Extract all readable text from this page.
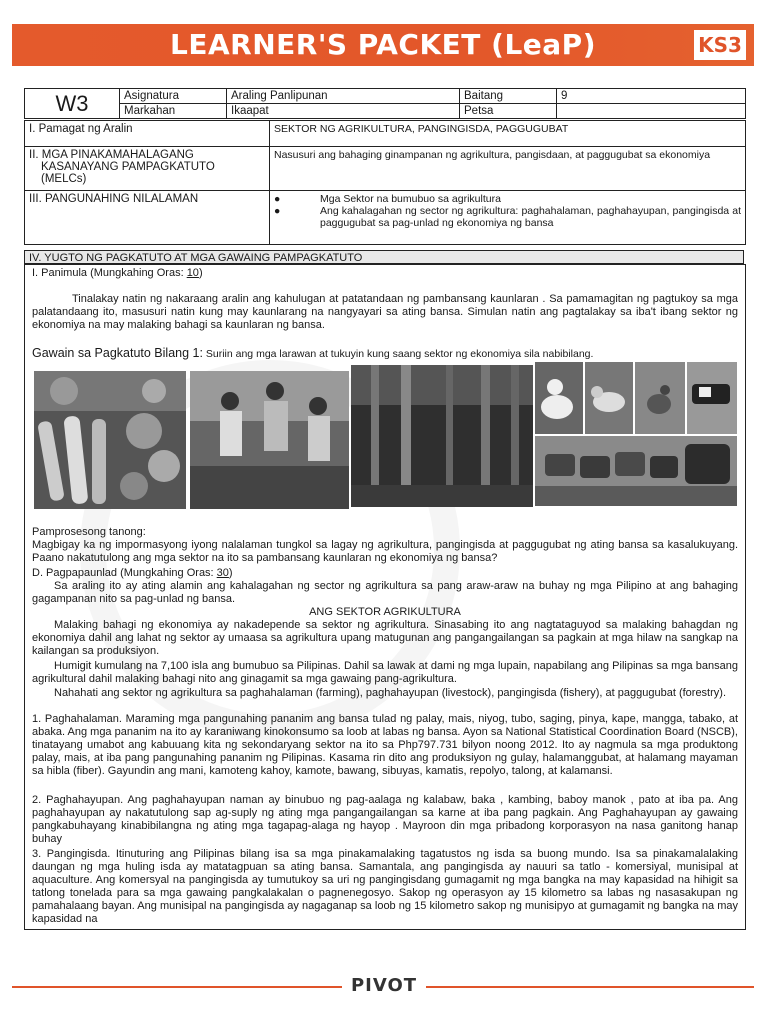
LEARNER'S PACKET (LeaP)	KS3
W3	Asignatura	Araling Panlipunan	Baitang	9
	Markahan	Ikaapat	Petsa	
I. Pamagat ng Aralin	SEKTOR NG AGRIKULTURA, PANGINGISDA, PAGGUGUBAT

II. MGA PINAKAMAHALAGANG
KASANAYANG PAMPAGKATUTO
(MELCs)	Nasusuri ang bahaging ginampanan ng agrikultura, pangisdaan, at paggugubat sa ekonomiya
III. PANGUNAHING NILALAMAN	● Mga Sektor na bumubuo sa agrikultura
● Ang kahalagahan ng sector ng agrikultura: paghahalaman, paghahayupan, pangingisda at paggugubat sa pag-unlad ng ekonomiya ng bansa
IV. YUGTO NG PAGKATUTO AT MGA GAWAING PAMPAGKATUTO
I. Panimula (Mungkahing Oras: 10)
Tinalakay natin ng nakaraang aralin ang kahulugan at patatandaan ng pambansang kaunlaran . Sa pamamagitan ng pagtukoy sa mga palatandaang ito, masusuri natin kung may kaunlarang na nangyayari sa ating bansa. Simulan natin ang pagtalakay sa iba't ibang sektor ng ekonomiya na may malaking bahagi sa kaunlaran ng bansa.
Gawain sa Pagkatuto Bilang 1: Suriin ang mga larawan at tukuyin kung saang sektor ng ekonomiya sila nabibilang.
Pamprosesong tanong:
Magbigay ka ng impormasyong iyong nalalaman tungkol sa lagay ng agrikultura, pangingisda at paggugubat ng ating bansa sa kasalukuyang. Paano nakatutulong ang mga sektor na ito sa pambansang kaunlaran ng ekonomiya ng bansa?
D. Pagpapaunlad (Mungkahing Oras: 30)
Sa araling ito ay ating alamin ang kahalagahan ng sector ng agrikultura sa pang araw-araw na buhay ng mga Pilipino at ang bahaging gagampanan nito sa pag-unlad ng bansa.
ANG SEKTOR AGRIKULTURA
Malaking bahagi ng ekonomiya ay nakadepende sa sektor ng agrikultura. Sinasabing ito ang nagtataguyod sa malaking bahagdan ng ekonomiya dahil ang lahat ng sektor ay umaasa sa agrikultura upang matugunan ang pangangailangan sa pagkain at mga hilaw na sangkap na kailangan sa produksiyon.
Humigit kumulang na 7,100 isla ang bumubuo sa Pilipinas. Dahil sa lawak at dami ng mga lupain, napabilang ang Pilipinas sa mga bansang agrikultural dahil malaking bahagi nito ang ginagamit sa mga gawaing pang-agrikultura.
Nahahati ang sektor ng agrikultura sa paghahalaman (farming), paghahayupan (livestock), pangingisda (fishery), at paggugubat (forestry).
1. Paghahalaman. Maraming mga pangunahing pananim ang bansa tulad ng palay, mais, niyog, tubo, saging, pinya, kape, mangga, tabako, at abaka. Ang mga pananim na ito ay karaniwang kinokonsumo sa loob at labas ng bansa. Ayon sa National Statistical Coordination Board (NSCB), tinatayang umabot ang kabuuang kita ng sekondaryang sektor na ito sa Php797.731 bilyon noong 2012. Ito ay nagmula sa mga produktong palay, mais, at iba pang pangunahing pananim ng Pilipinas. Kasama rin dito ang produksiyon ng gulay, halamanggubat, at halamang mayaman sa hibla (fiber). Gayundin ang mani, kamoteng kahoy, kamote, bawang, sibuyas, kamatis, repolyo, talong, at kalamansi.
2. Paghahayupan. Ang paghahayupan naman ay binubuo ng pag-aalaga ng kalabaw, baka , kambing, baboy manok , pato at iba pa. Ang paghahayupan ay nakatutulong sap ag-suply ng ating mga pangangailangan sa karne at iba pang pagkain. Ang Paghahayupan ay gawaing pangkabuhayang kinabibilangna ng ating mga tagapag-alaga ng hayop . Mayroon din mga pribadong korporasyon na nasa ganitong hanap buhay
3. Pangingisda. Itinuturing ang Pilipinas bilang isa sa mga pinakamalaking tagatustos ng isda sa buong mundo. Isa sa pinakamalalaking daungan ng mga huling isda ay matatagpuan sa ating bansa. Samantala, ang pangingisda ay nauuri sa tatlo - komersiyal, munisipal at aquaculture. Ang komersyal na pangingisda ay tumutukoy sa uri ng pangingisdang gumagamit ng mga bangka na may kapasidad na hihigit sa tatlong tonelada para sa mga gawaing pangkalakalan o pagnenegosyo. Sakop ng operasyon ay 15 kilometro sa labas ng nasasakupan ng pamahalaang bayan. Ang munisipal na pangingisda ay nagaganap sa loob ng 15 kilometro sakop ng munisipyo at gumagamit ng bangka na may kapasidad na
PIVOT
